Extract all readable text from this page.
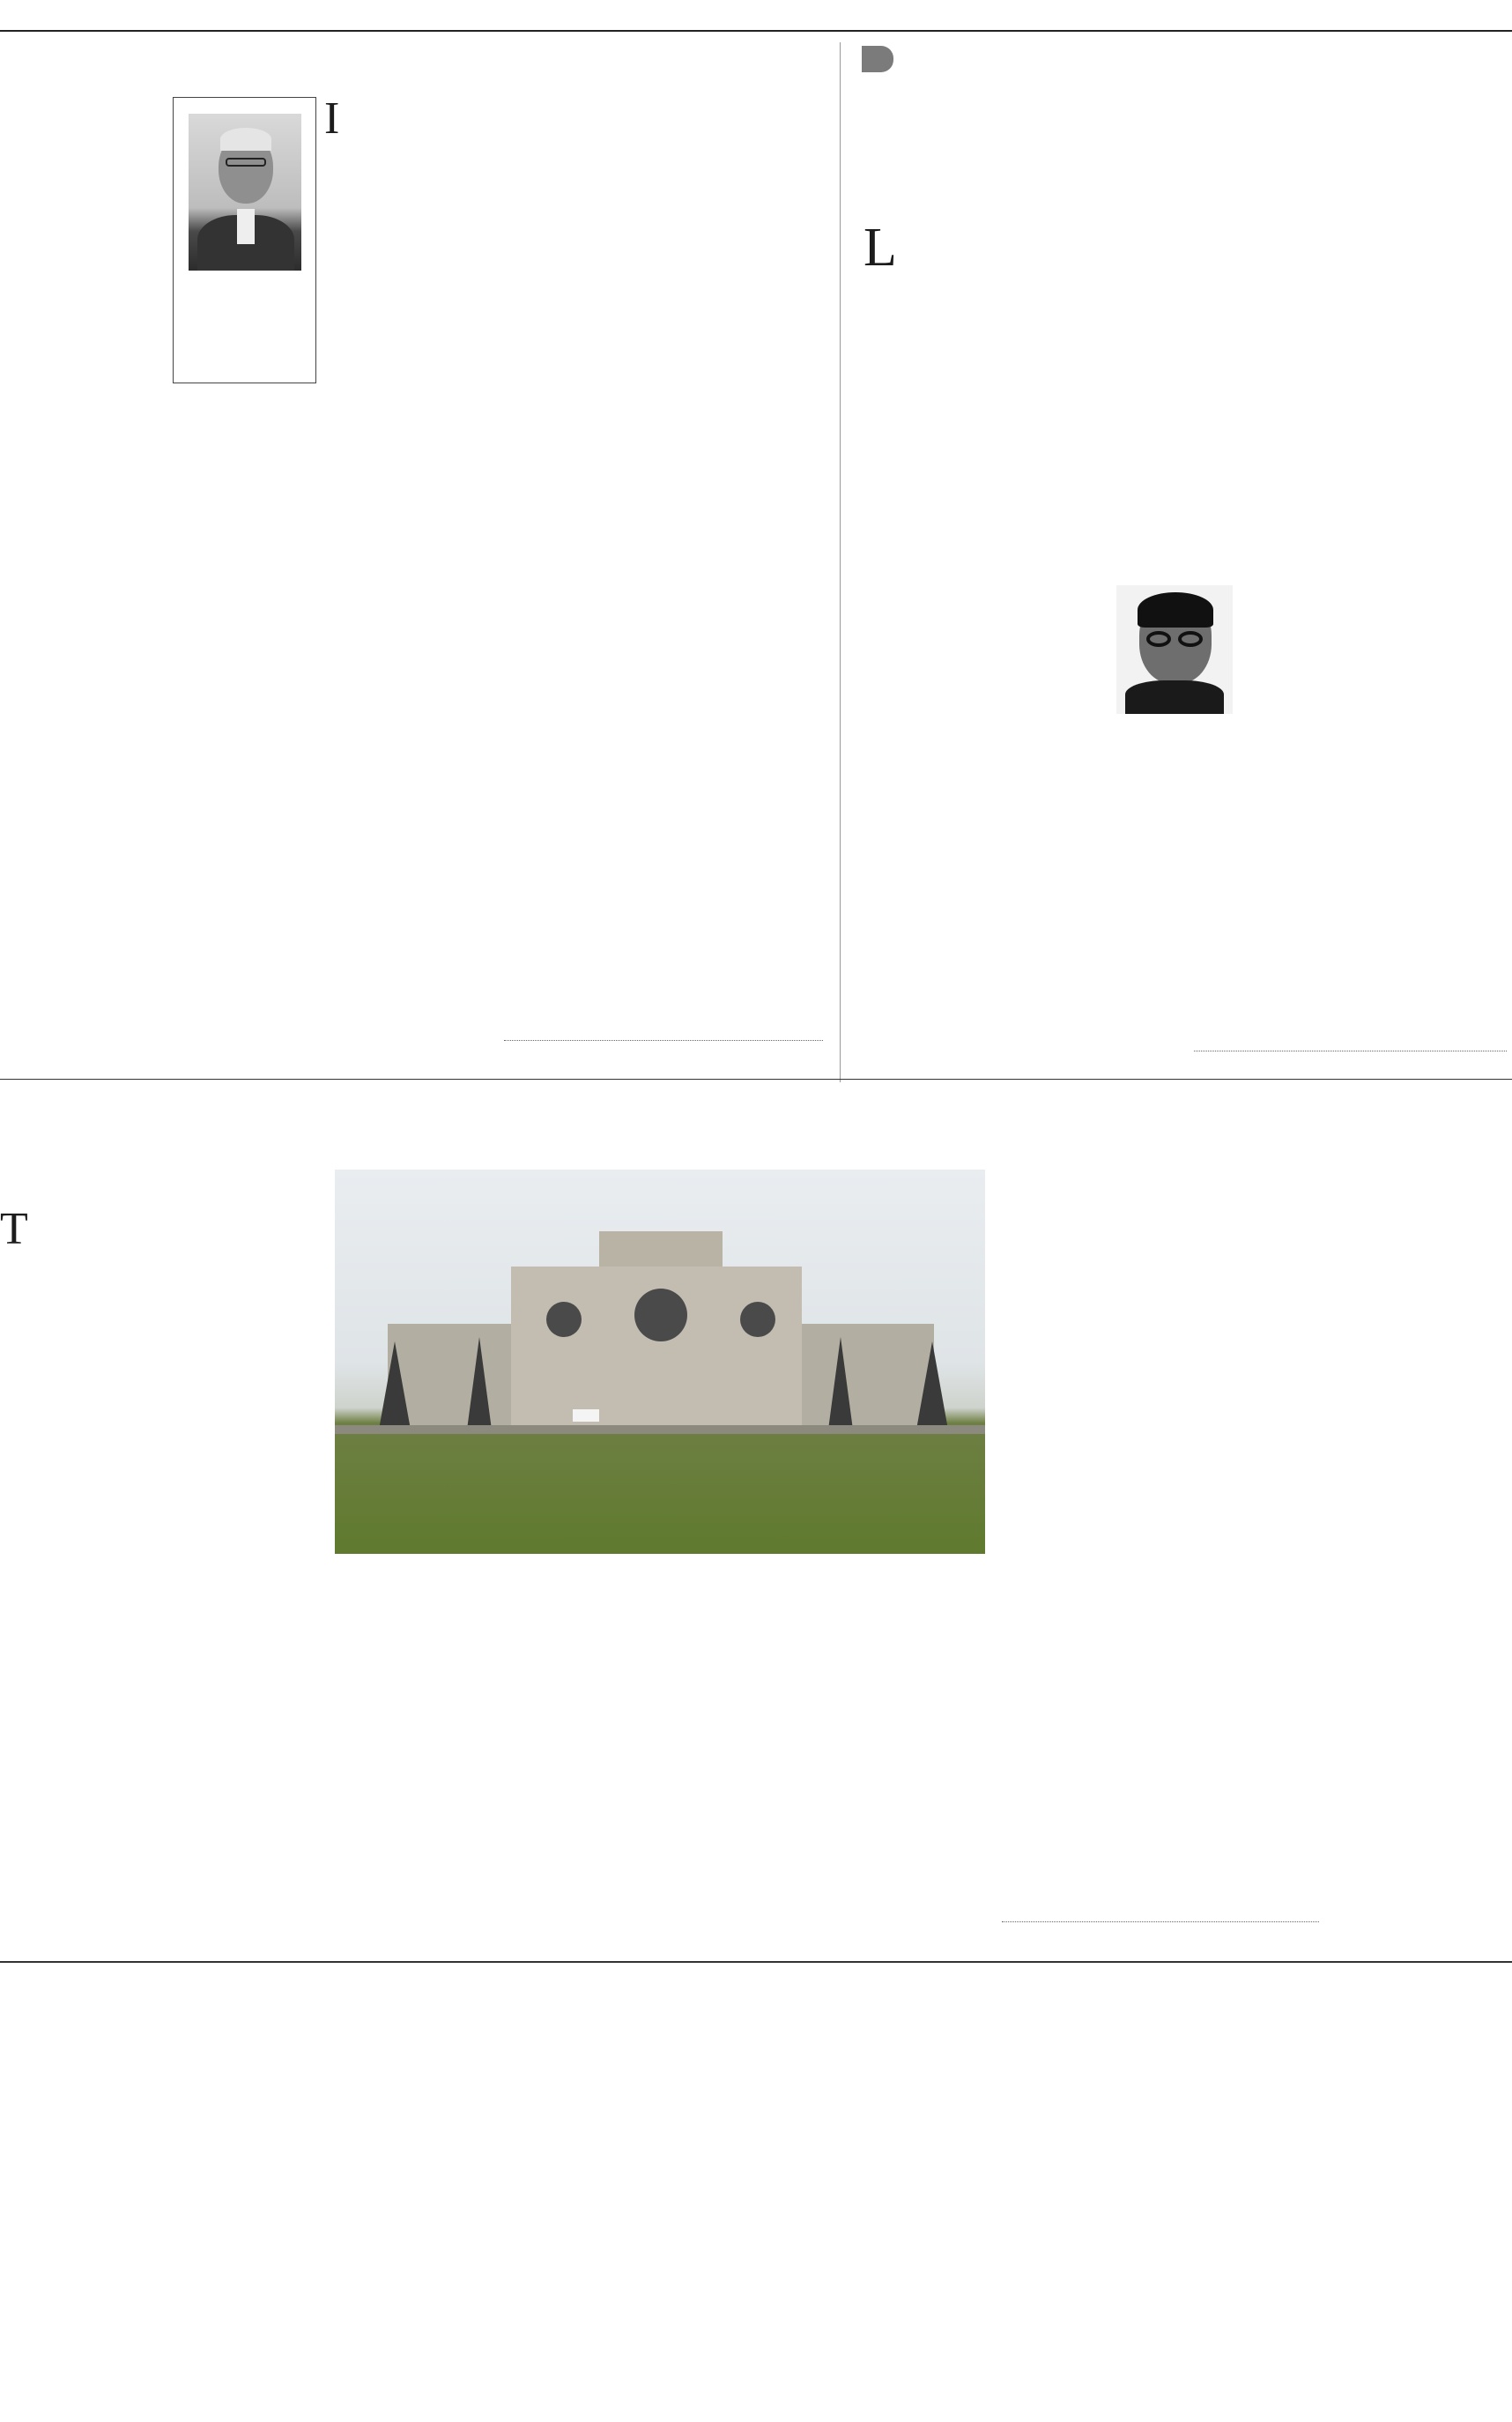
I

L

T
